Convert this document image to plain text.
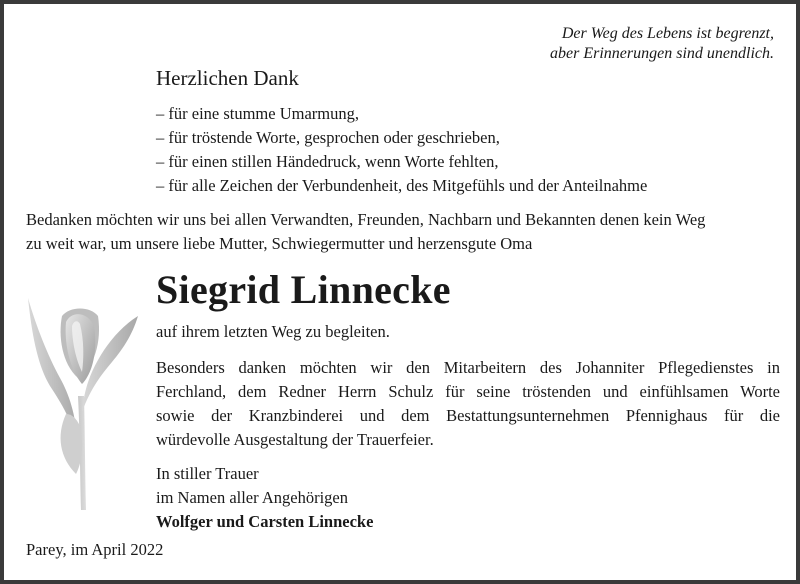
Der Weg des Lebens ist begrenzt,
aber Erinnerungen sind unendlich.
Herzlichen Dank
– für eine stumme Umarmung,
– für tröstende Worte, gesprochen oder geschrieben,
– für einen stillen Händedruck, wenn Worte fehlten,
– für alle Zeichen der Verbundenheit, des Mitgefühls und der Anteilnahme
Bedanken möchten wir uns bei allen Verwandten, Freunden, Nachbarn und Bekannten denen kein Weg
zu weit war, um unsere liebe Mutter, Schwiegermutter und herzensgute Oma
Siegrid Linnecke
auf ihrem letzten Weg zu begleiten.
Besonders danken möchten wir den Mitarbeitern des Johanniter Pflegedienstes in
Ferchland, dem Redner Herrn Schulz für seine tröstenden und einfühlsamen Worte
sowie der Kranzbinderei und dem Bestattungsunternehmen Pfennighaus für die
würdevolle Ausgestaltung der Trauerfeier.
In stiller Trauer
im Namen aller Angehörigen
Wolfger und Carsten Linnecke
Parey, im April 2022
